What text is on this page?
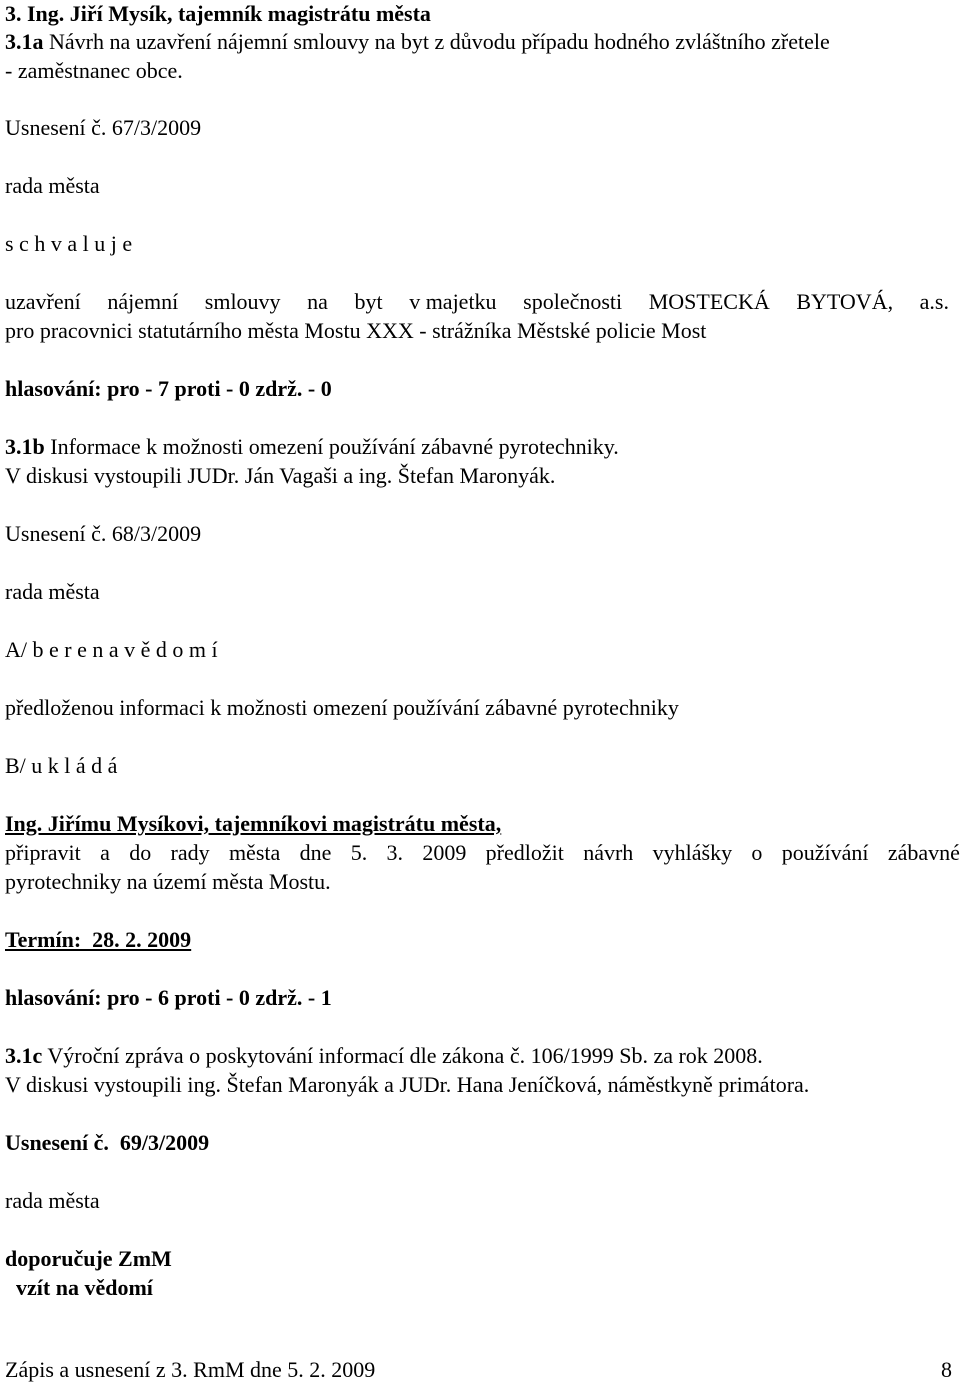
3. Ing. Jiří Mysík, tajemník magistrátu města
3.1a Návrh na uzavření nájemní smlouvy na byt z důvodu případu hodného zvláštního zřetele
- zaměstnanec obce.
Usnesení č. 67/3/2009
rada města
s c h v a l u j e
uzavření nájemní smlouvy na byt v majetku společnosti MOSTECKÁ BYTOVÁ, a.s.
pro pracovnici statutárního města Mostu XXX - strážníka Městské policie Most
hlasování: pro - 7 proti - 0 zdrž. - 0
3.1b Informace k možnosti omezení používání zábavné pyrotechniky.
V diskusi vystoupili JUDr. Ján Vagaši a ing. Štefan Maronyák.
Usnesení č. 68/3/2009
rada města
A/ b e r e n a v ě d o m í
předloženou informaci k možnosti omezení používání zábavné pyrotechniky
B/ u k l á d á
Ing. Jiřímu Mysíkovi, tajemníkovi magistrátu města,
připravit a do rady města dne 5. 3. 2009 předložit návrh vyhlášky o používání zábavné
pyrotechniky na území města Mostu.
Termín:  28. 2. 2009
hlasování: pro - 6 proti - 0 zdrž. - 1
3.1c Výroční zpráva o poskytování informací dle zákona č. 106/1999 Sb. za rok 2008.
V diskusi vystoupili ing. Štefan Maronyák a JUDr. Hana Jeníčková, náměstkyně primátora.
Usnesení č.  69/3/2009
rada města
doporučuje ZmM
vzít na vědomí
Zápis a usnesení z 3. RmM dne 5. 2. 2009	8
